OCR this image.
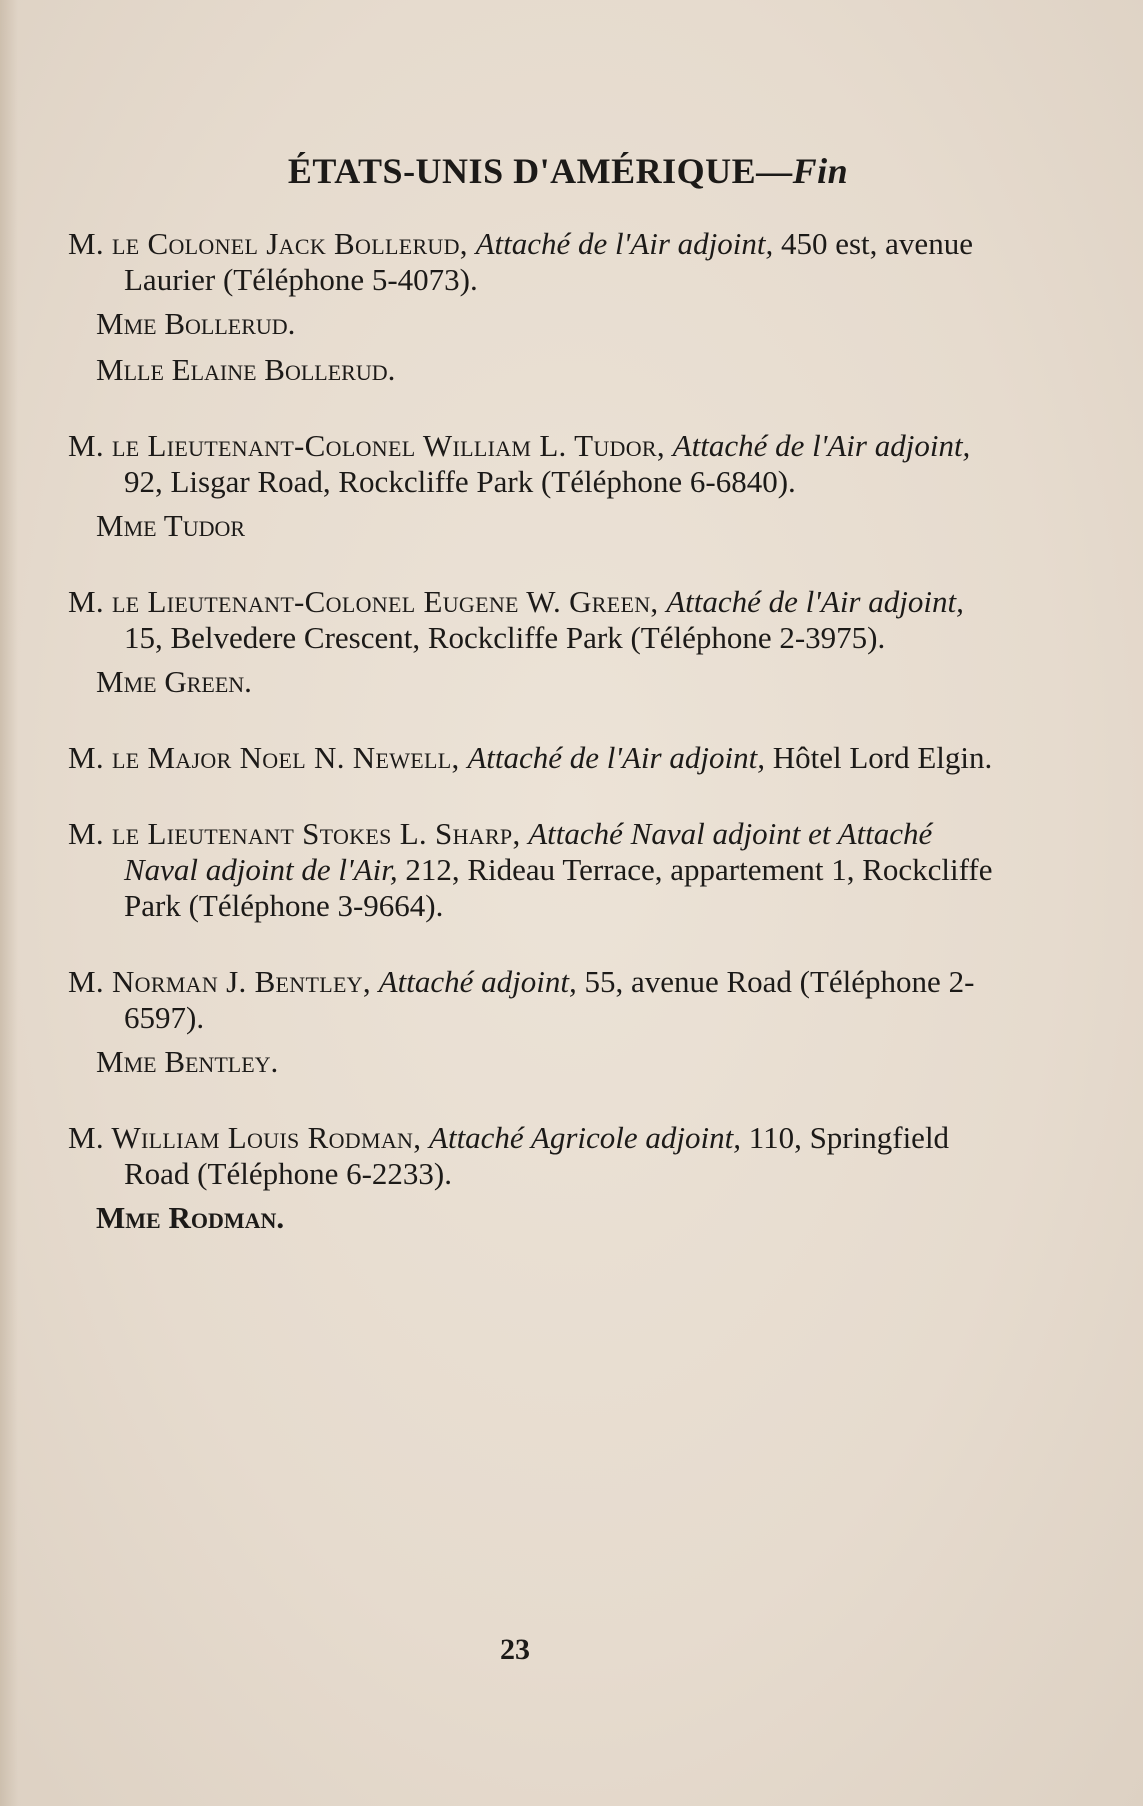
ÉTATS-UNIS D'AMÉRIQUE—Fin

M. le Colonel Jack Bollerud, Attaché de l'Air adjoint, 450 est, avenue Laurier (Téléphone 5-4073).

Mme Bollerud.
Mlle Elaine Bollerud.

M. le Lieutenant-Colonel William L. Tudor, Attaché de l'Air adjoint, 92, Lisgar Road, Rockcliffe Park (Téléphone 6-6840).

Mme Tudor

M. le Lieutenant-Colonel Eugene W. Green, Attaché de l'Air adjoint, 15, Belvedere Crescent, Rockcliffe Park (Téléphone 2-3975).

Mme Green.

M. le Major Noel N. Newell, Attaché de l'Air adjoint, Hôtel Lord Elgin.

M. le Lieutenant Stokes L. Sharp, Attaché Naval adjoint et Attaché Naval adjoint de l'Air, 212, Rideau Terrace, appartement 1, Rockcliffe Park (Téléphone 3-9664).

M. Norman J. Bentley, Attaché adjoint, 55, avenue Road (Téléphone 2-6597).

Mme Bentley.

M. William Louis Rodman, Attaché Agricole adjoint, 110, Springfield Road (Téléphone 6-2233).

Mme Rodman.
23
